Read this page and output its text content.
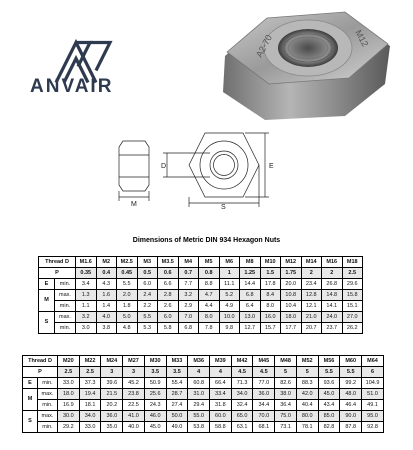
ANVAIR
A2-70	M12
D
M
E
S
Dimensions of Metric DIN 934 Hexagon Nuts
Thread D		M1.6	M2	M2.5	M3	M3.5	M4	M5	M6	M8	M10	M12	M14	M16	M18
P		0.35	0.4	0.45	0.5	0.6	0.7	0.8	1	1.25	1.5	1.75	2	2	2.5
E	min.	3.4	4.3	5.5	6.0	6.6	7.7	8.8	11.1	14.4	17.8	20.0	23.4	26.8	29.6
M	max.	1.3	1.6	2.0	2.4	2.8	3.2	4.7	5.2	6.8	8.4	10.8	12.8	14.8	15.8
	min.	1.1	1.4	1.8	2.2	2.6	2.9	4.4	4.9	6.4	8.0	10.4	12.1	14.1	15.1
S	max.	3.2	4.0	5.0	5.5	6.0	7.0	8.0	10.0	13.0	16.0	18.0	21.0	24.0	27.0
	min.	3.0	3.8	4.8	5.3	5.8	6.8	7.8	9.8	12.7	15.7	17.7	20.7	23.7	26.2
Thread D		M20	M22	M24	M27	M30	M33	M36	M39	M42	M45	M48	M52	M56	M60	M64
P		2.5	2.5	3	3	3.5	3.5	4	4	4.5	4.5	5	5	5.5	5.5	6
E	min.	33.0	37.3	39.6	45.2	50.9	55.4	60.8	66.4	71.3	77.0	82.6	88.3	93.6	99.2	104.9
M	max.	18.0	19.4	21.5	23.8	25.6	28.7	31.0	33.4	34.0	36.0	38.0	42.0	45.0	48.0	51.0
	min.	16.9	18.1	20.2	22.5	24.3	27.4	29.4	31.8	32.4	34.4	36.4	40.4	43.4	46.4	49.1
S	max.	30.0	34.0	36.0	41.0	46.0	50.0	55.0	60.0	65.0	70.0	75.0	80.0	85.0	90.0	95.0
	min.	29.2	33.0	35.0	40.0	45.0	49.0	53.8	58.8	63.1	68.1	73.1	78.1	82.8	87.8	92.8
